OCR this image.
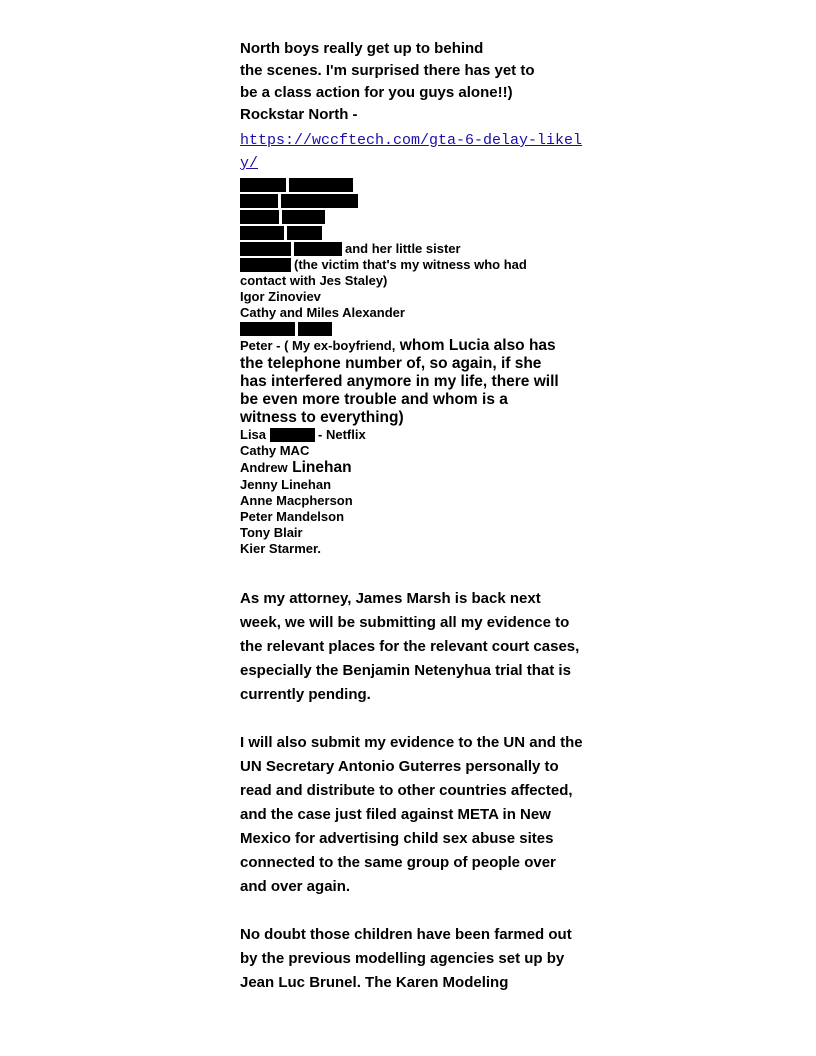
North boys really get up to behind

the scenes. I'm surprised there has yet to

be a class action for you guys alone!!)

Rockstar North -

https://wccftech.com/gta-6-delay-likely/
and her little sister
(the victim that's my witness who had
contact with Jes Staley)
Igor Zinoviev
Cathy and Miles Alexander
Peter - ( My ex-boyfriend, whom Lucia also has
the telephone number of, so again, if she
has interfered anymore in my life, there will
be even more trouble and whom is a
witness to everything)
Lisa	- Netflix
Cathy MAC
Andrew Linehan
Jenny Linehan
Anne Macpherson
Peter Mandelson
Tony Blair
Kier Starmer.

As my attorney, James Marsh is back next week, we will be submitting all my evidence to the relevant places for the relevant court cases, especially the Benjamin Netenyhua trial that is currently pending.

I will also submit my evidence to the UN and the UN Secretary Antonio Guterres personally to read and distribute to other countries affected, and the case just filed against META in New Mexico for advertising child sex abuse sites connected to the same group of people over and over again.

No doubt those children have been farmed out by the previous modelling agencies set up by Jean Luc Brunel. The Karen Modeling
